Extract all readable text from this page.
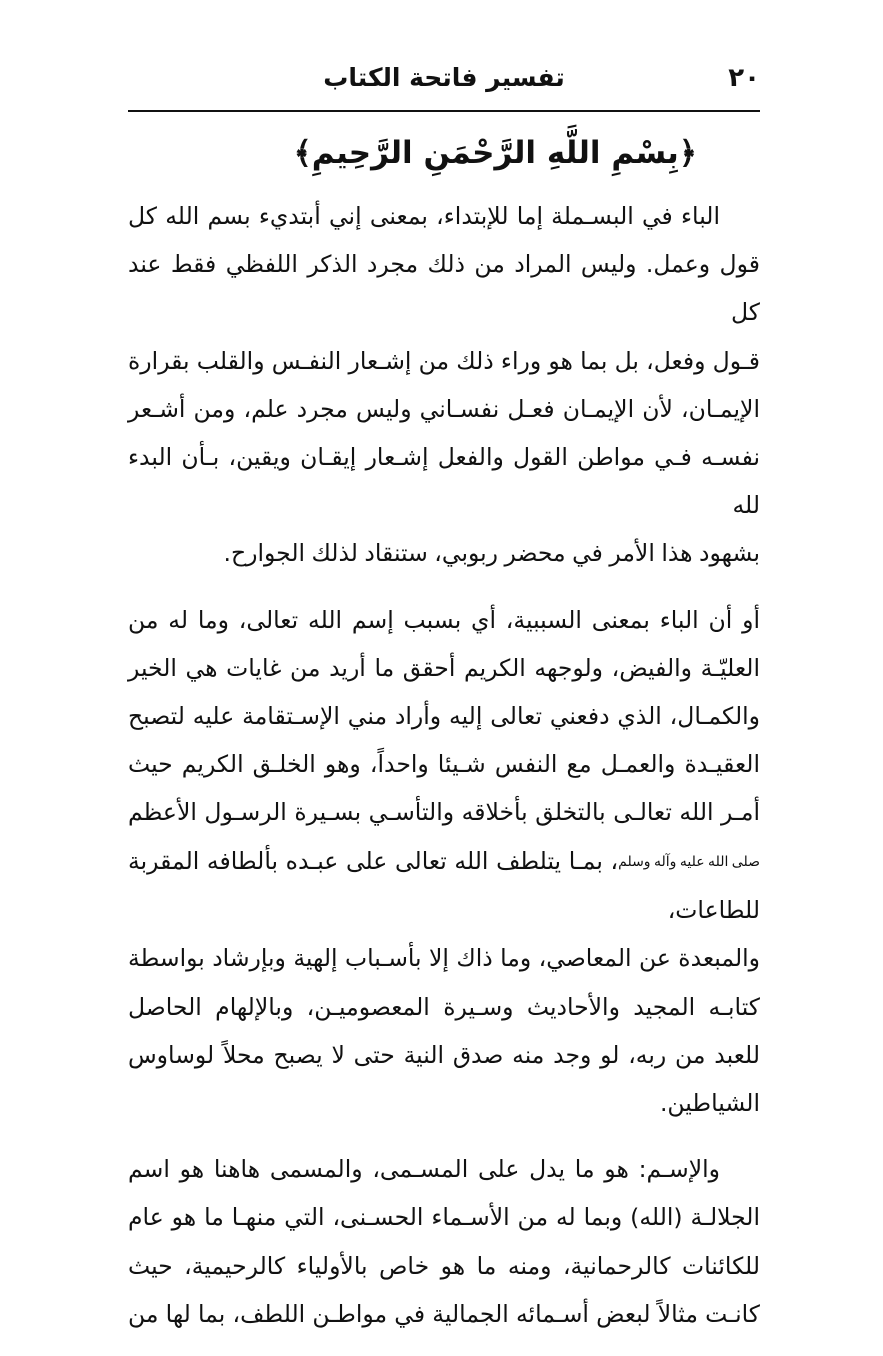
٢٠
تفسير فاتحة الكتاب
﴿بِسْمِ اللَّهِ الرَّحْمَنِ الرَّحِيمِ﴾
الباء في البسـملة إما للإبتداء، بمعنى إني أبتديء بسم الله كل
قول وعمل. وليس المراد من ذلك مجرد الذكر اللفظي فقط عند كل
قـول وفعل، بل بما هو وراء ذلك من إشـعار النفـس والقلب بقرارة
الإيمـان، لأن الإيمـان فعـل نفسـاني وليس مجرد علم، ومن أشـعر
نفسـه فـي مواطن القول والفعل إشـعار إيقـان ويقين، بـأن البدء لله
بشهود هذا الأمر في محضر ربوبي، ستنقاد لذلك الجوارح.
أو أن الباء بمعنى السببية، أي بسبب إسم الله تعالى، وما له من
العليّـة والفيض، ولوجهه الكريم أحقق ما أريد من غايات هي الخير
والكمـال، الذي دفعني تعالى إليه وأراد مني الإسـتقامة عليه لتصبح
العقيـدة والعمـل مع النفس شـيئا واحداً، وهو الخلـق الكريم حيث
أمـر الله تعالـى بالتخلق بأخلاقه والتأسـي بسـيرة الرسـول الأعظم
صلى الله عليه وآله وسلم، بمـا يتلطف الله تعالى على عبـده بألطافه المقربة للطاعات،
والمبعدة عن المعاصي، وما ذاك إلا بأسـباب إلهية وبإرشاد بواسطة
كتابـه المجيد والأحاديث وسـيرة المعصوميـن، وبالإلهام الحاصل
للعبد من ربه، لو وجد منه صدق النية حتى لا يصبح محلاً لوساوس
الشياطين.
والإسـم: هو ما يدل على المسـمى، والمسمى هاهنا هو اسم
الجلالـة (الله) وبما له من الأسـماء الحسـنى، التي منهـا ما هو عام
للكائنات كالرحمانية، ومنه ما هو خاص بالأولياء كالرحيمية، حيث
كانـت مثالاً لبعض أسـمائه الجمالية في مواطـن اللطف، بما لها من
